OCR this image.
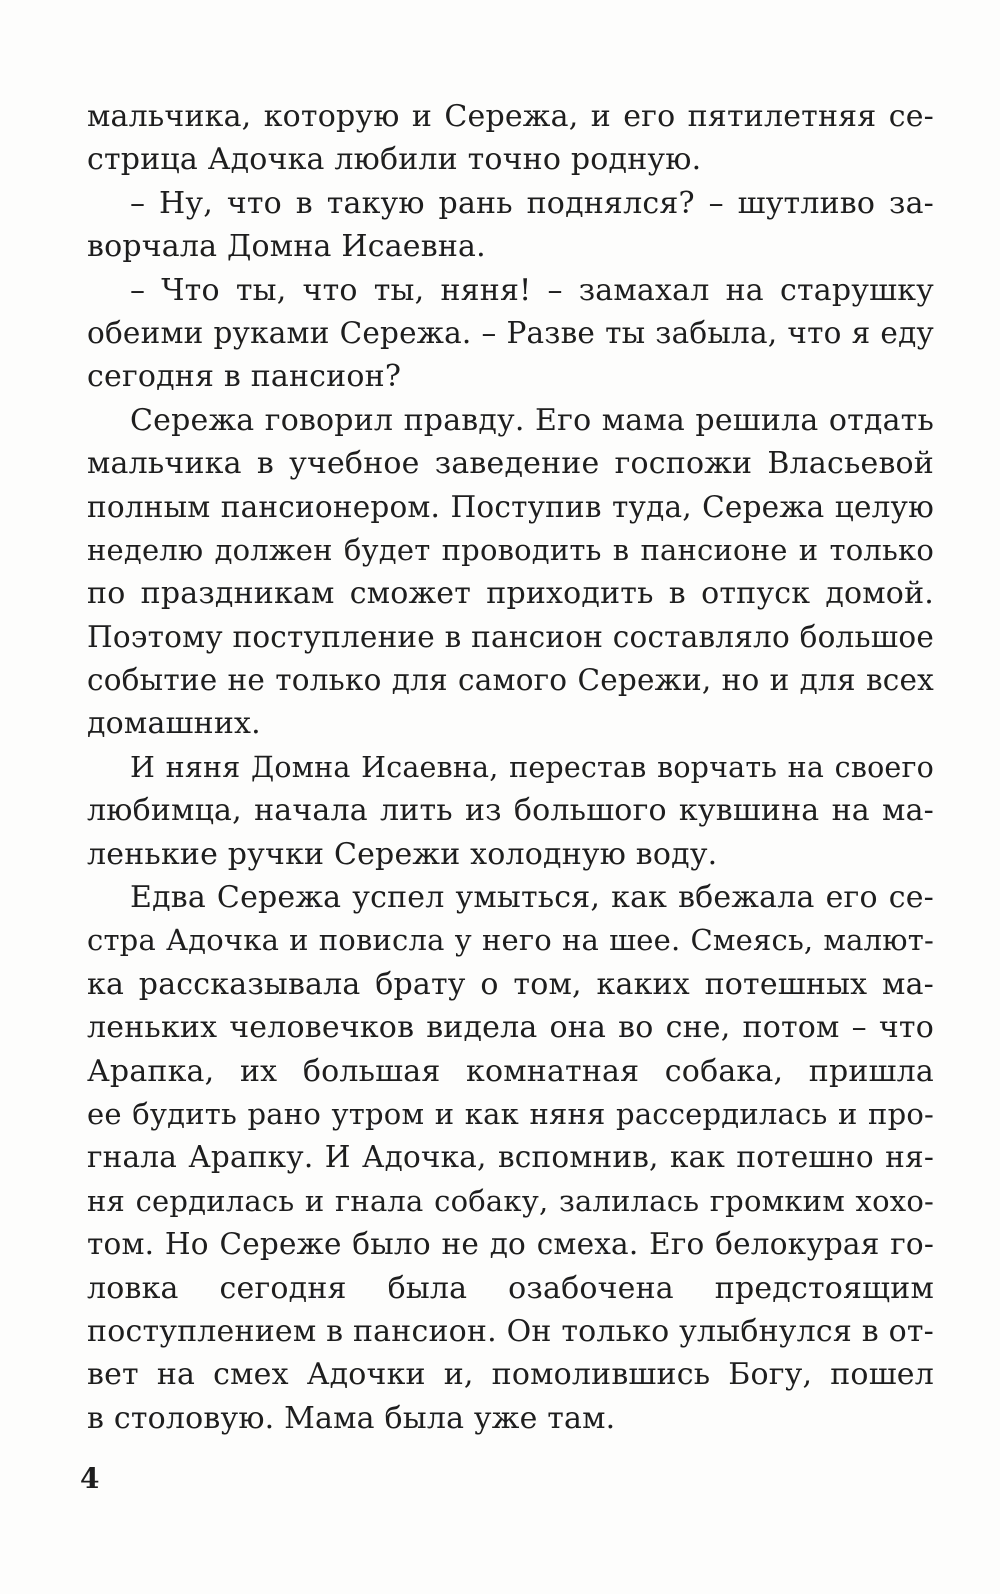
мальчика, которую и Сережа, и его пятилетняя се-
стрица Адочка любили точно родную.
– Ну, что в такую рань поднялся? – шутливо за-
ворчала Домна Исаевна.
– Что ты, что ты, няня! – замахал на старушку
обеими руками Сережа. – Разве ты забыла, что я еду
сегодня в пансион?
Сережа говорил правду. Его мама решила отдать
мальчика в учебное заведение госпожи Власьевой
полным пансионером. Поступив туда, Сережа целую
неделю должен будет проводить в пансионе и только
по праздникам сможет приходить в отпуск домой.
Поэтому поступление в пансион составляло большое
событие не только для самого Сережи, но и для всех
домашних.
И няня Домна Исаевна, перестав ворчать на своего
любимца, начала лить из большого кувшина на ма-
ленькие ручки Сережи холодную воду.
Едва Сережа успел умыться, как вбежала его се-
стра Адочка и повисла у него на шее. Смеясь, малют-
ка рассказывала брату о том, каких потешных ма-
леньких человечков видела она во сне, потом – что
Арапка, их большая комнатная собака, пришла
ее будить рано утром и как няня рассердилась и про-
гнала Арапку. И Адочка, вспомнив, как потешно ня-
ня сердилась и гнала собаку, залилась громким хохо-
том. Но Сереже было не до смеха. Его белокурая го-
ловка сегодня была озабочена предстоящим
поступлением в пансион. Он только улыбнулся в от-
вет на смех Адочки и, помолившись Богу, пошел
в столовую. Мама была уже там.
4
